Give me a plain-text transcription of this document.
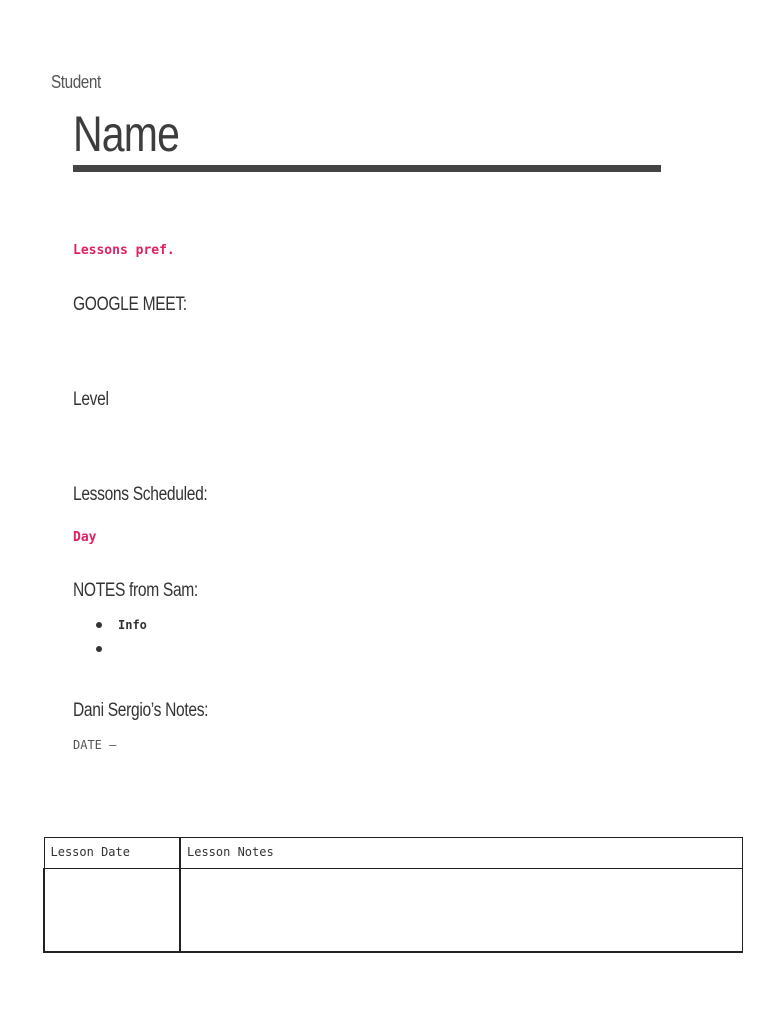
Student
Name
Lessons pref.
GOOGLE MEET:
Level
Lessons Scheduled:
Day
NOTES from Sam:
Info
Dani Sergio’s Notes:
DATE –
Lesson Date	Lesson Notes
